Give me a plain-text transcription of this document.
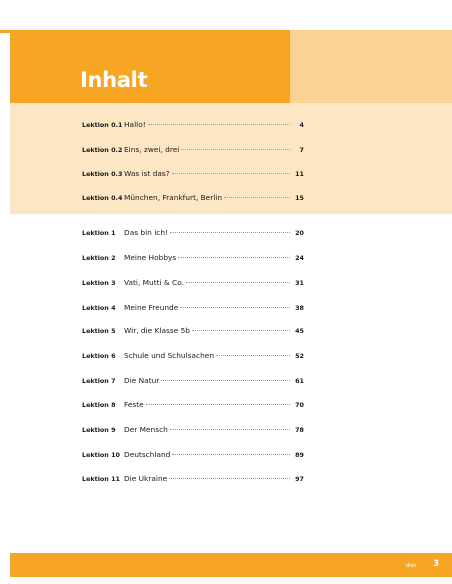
Inhalt
Lektion 0.1 Hallo!	4
Lektion 0.2 Eins, zwei, drei	7
Lektion 0.3 Was ist das?	11
Lektion 0.4 München, Frankfurt, Berlin	15
Lektion 1	Das bin ich!	20
Lektion 2	Meine Hobbys	24
Lektion 3	Vati, Mutti & Co.	31
Lektion 4	Meine Freunde	38
Lektion 5	Wir, die Klasse 5b	45
Lektion 6	Schule und Schulsachen	52
Lektion 7	Die Natur	61
Lektion 8	Feste	70
Lektion 9	Der Mensch	78
Lektion 10 Deutschland	89
Lektion 11 Die Ukraine	97
drei 3
